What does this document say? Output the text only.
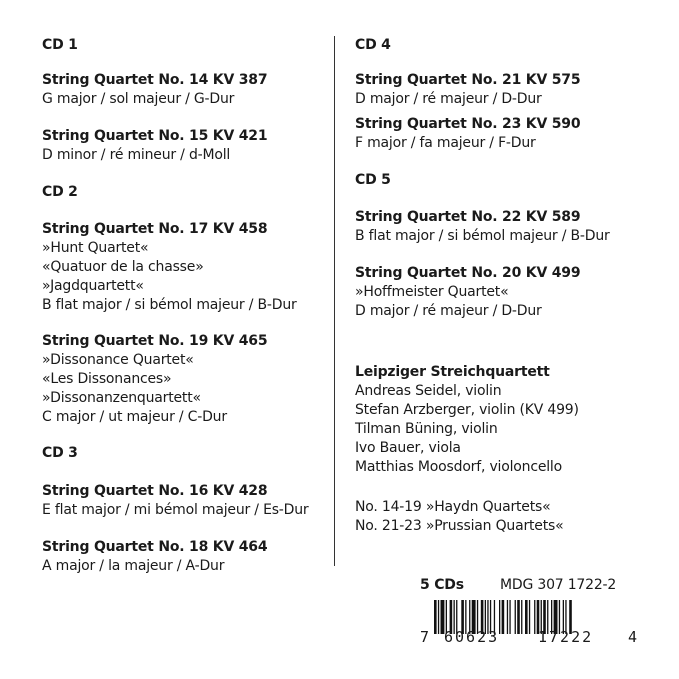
CD 1
String Quartet No. 14 KV 387
G major / sol majeur / G-Dur
String Quartet No. 15 KV 421
D minor / ré mineur / d-Moll
CD 2
String Quartet No. 17 KV 458
»Hunt Quartet«
«Quatuor de la chasse»
»Jagdquartett«
B flat major / si bémol majeur / B-Dur
String Quartet No. 19 KV 465
»Dissonance Quartet«
«Les Dissonances»
»Dissonanzenquartett«
C major / ut majeur / C-Dur
CD 3
String Quartet No. 16 KV 428
E flat major / mi bémol majeur / Es-Dur
String Quartet No. 18 KV 464
A major / la majeur / A-Dur
CD 4
String Quartet No. 21 KV 575
D major / ré majeur / D-Dur
String Quartet No. 23 KV 590
F major / fa majeur / F-Dur
CD 5
String Quartet No. 22 KV 589
B flat major / si bémol majeur / B-Dur
String Quartet No. 20 KV 499
»Hoffmeister Quartet«
D major / ré majeur / D-Dur
Leipziger Streichquartett
Andreas Seidel, violin
Stefan Arzberger, violin (KV 499)
Tilman Büning, violin
Ivo Bauer, viola
Matthias Moosdorf, violoncello
No. 14-19 »Haydn Quartets«
No. 21-23 »Prussian Quartets«
5 CDs	MDG 307 1722-2
7 60623	17222 4
